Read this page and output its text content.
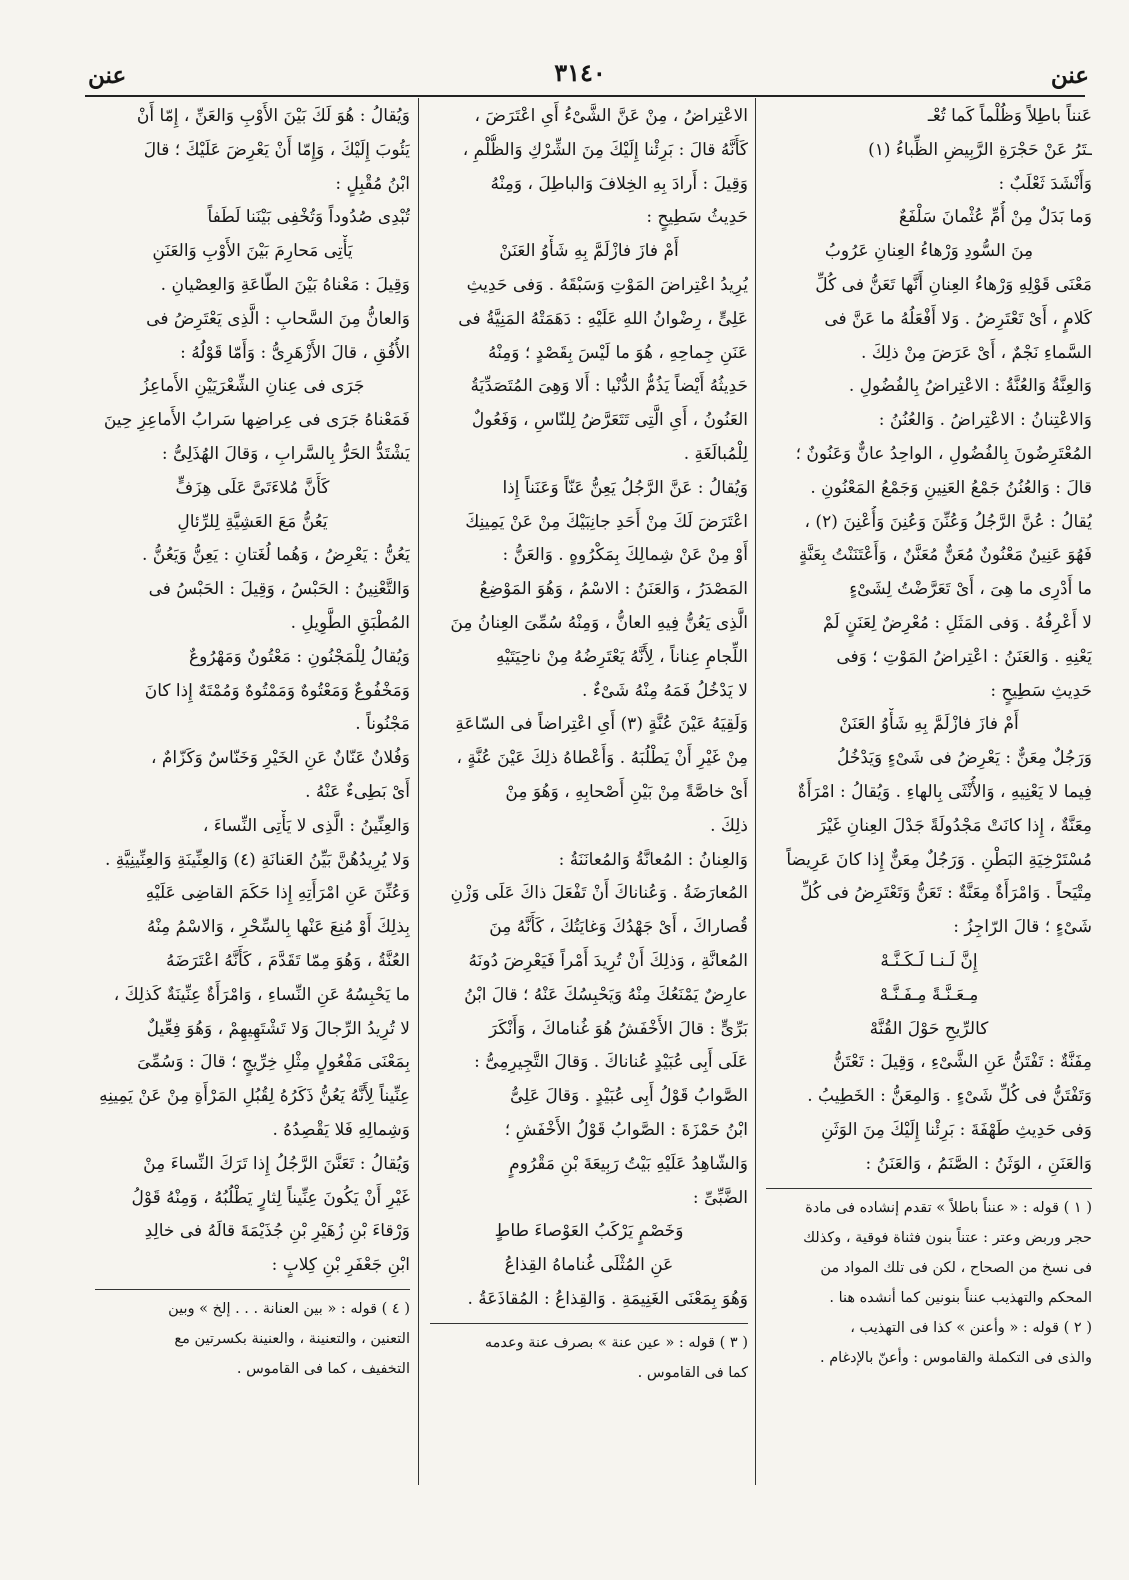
عنن
٣١٤٠
عنن
عَنناً باطِلاً وَظُلْماً كَما تُعْـ
ـتَرُ عَنْ حَجْرَةِ الرَّبِيضِ الظِّباءُ (١)
وَأَنْشَدَ ثَعْلَبٌ :
وَما بَدَلٌ مِنْ أُمِّ عُثْمانَ سَلْفَعٌ
مِنَ السُّودِ وَرْهاءُ العِنانِ عَرُوبُ
مَعْنَى قَوْلِهِ وَرْهاءُ العِنانِ أَنَّها تَعَنُّ فى كُلِّ
كَلامٍ ، أَىْ تَعْتَرِضُ . وَلا أَفْعَلُهُ ما عَنَّ فى
السَّماءِ نَجْمٌ ، أَىْ عَرَضَ مِنْ ذلِكَ .
وَالعِنَّةُ وَالعُنَّةُ : الاعْتِراضُ بِالفُضُولِ .
وَالاعْتِنانُ : الاعْتِراضُ . وَالعُنُنُ :
المُعْتَرِضُونَ بِالفُضُولِ ، الواحِدُ عانٌّ وَعَنُونٌ ؛
قالَ : وَالعُنُنُ جَمْعُ العَنِينِ وَجَمْعُ المَعْنُونِ .
يُقالُ : عُنَّ الرَّجُلُ وَعُنِّنَ وَعُنِنَ وَأُعْنِنَ (٢) ،
فَهُوَ عَنِينٌ مَعْنُونٌ مُعَنٌّ مُعَنَّنٌ ، وَأَعْتَنَنْتُ بِعَنَّةٍ
ما أَدْرِى ما هِىَ ، أَىْ تَعَرَّضْتُ لِشَىْءٍ
لا أَعْرِفُهُ . وَفى المَثَلِ : مُعْرِضٌ لِعَنَنٍ لَمْ
يَعْنِهِ . وَالعَنَنُ : اعْتِراضُ المَوْتِ ؛ وَفى
حَدِيثِ سَطِيحٍ :
أَمْ فازَ فازْلَمَّ بِهِ شَأْوُ العَنَنْ
وَرَجُلٌ مِعَنٌّ : يَعْرِضُ فى شَىْءٍ وَيَدْخُلُ
فِيما لا يَعْنِيهِ ، وَالأُنْثَى بِالهاءِ . وَيُقالُ : امْرَأَةٌ
مِعَنَّةٌ ، إِذا كانَتْ مَجْدُولَةً جَدْلَ العِنانِ غَيْرَ
مُسْتَرْخِيَةِ البَطْنِ . وَرَجُلٌ مِعَنٌّ إِذا كانَ عَرِيضاً
مِتْيَحاً . وَامْرَأَةٌ مِعَنَّةٌ : تَعَنُّ وَتَعْتَرِضُ فى كُلِّ
شَىْءٍ ؛ قالَ الرّاجِزُ :
إِنَّ لَـنـا لَـكَـنَّـهْ
مِـعَـنَّـةً مِـفَـنَّـهْ
كالرِّيحِ حَوْلَ القُنَّهْ
مِفَنَّةٌ : تَفْتَنُّ عَنِ الشَّىْءِ ، وَقِيلَ : تَعْتَنُّ
وَتَفْتَنُّ فى كُلِّ شَىْءٍ . وَالمِعَنُّ : الخَطِيبُ .
وَفى حَدِيثِ طَهْفَةَ : بَرِئْنا إِلَيْكَ مِنَ الوَثَنِ
وَالعَنَنِ ، الوَثَنُ : الصَّنَمُ ، وَالعَنَنُ :
( ١ ) قوله : « عنناً باطلاً » تقدم إنشاده فى مادة
حجر وربض وعتر : عتناً بنون فثناة فوقية ، وكذلك
فى نسخ من الصحاح ، لكن فى تلك المواد من
المحكم والتهذيب عنناً بنونين كما أنشده هنا .
( ٢ ) قوله : « وأعنن » كذا فى التهذيب ،
والذى فى التكملة والقاموس : وأعنّ بالإدغام .
الاعْتِراضُ ، مِنْ عَنَّ الشَّىْءُ أَىِ اعْتَرَضَ ،
كَأَنَّهُ قالَ : بَرِئْنا إِلَيْكَ مِنَ الشِّرْكِ وَالظُّلْمِ ،
وَقِيلَ : أَرادَ بِهِ الخِلافَ وَالباطِلَ ، وَمِنْهُ
حَدِيثُ سَطِيحٍ :
أَمْ فازَ فازْلَمَّ بِهِ شَأْوُ العَنَنْ
يُرِيدُ اعْتِراضَ المَوْتِ وَسَبْقَهُ . وَفى حَدِيثِ
عَلِىٍّ ، رِضْوانُ اللهِ عَلَيْهِ : دَهَمَتْهُ المَنِيَّةُ فى
عَنَنِ جِماحِهِ ، هُوَ ما لَيْسَ بِقَصْدٍ ؛ وَمِنْهُ
حَدِيثُهُ أَيْضاً يَذُمُّ الدُّنْيا : أَلا وَهِىَ المُتَصَدِّيَةُ
العَنُونُ ، أَىِ الَّتِى تَتَعَرَّضُ لِلنّاسِ ، وَفَعُولٌ
لِلْمُبالَغَةِ .
وَيُقالُ : عَنَّ الرَّجُلُ يَعِنُّ عَنّاً وَعَنَناً إِذا
اعْتَرَضَ لَكَ مِنْ أَحَدِ جانِبَيْكَ مِنْ عَنْ يَمِينِكَ
أَوْ مِنْ عَنْ شِمالِكَ بِمَكْرُوهٍ . وَالعَنُّ :
المَصْدَرُ ، وَالعَنَنُ : الاسْمُ ، وَهُوَ المَوْضِعُ
الَّذِى يَعُنُّ فِيهِ العانُّ ، وَمِنْهُ سُمِّىَ العِنانُ مِنَ
اللِّجامِ عِناناً ، لِأَنَّهُ يَعْتَرِضُهُ مِنْ ناحِيَتَيْهِ
لا يَدْخُلُ فَمَهُ مِنْهُ شَىْءٌ .
وَلَقِيَهُ عَيْنَ عُنَّةٍ (٣) أَىِ اعْتِراضاً فى السّاعَةِ
مِنْ غَيْرِ أَنْ يَطْلُبَهُ . وَأَعْطاهُ ذلِكَ عَيْنَ عُنَّةٍ ،
أَىْ خاصَّةً مِنْ بَيْنِ أَصْحابِهِ ، وَهُوَ مِنْ
ذلِكَ .
وَالعِنانُ : المُعانَّةُ وَالمُعانَنَةُ :
المُعارَضَةُ . وَعُناناكَ أَنْ تَفْعَلَ ذاكَ عَلَى وَزْنِ
قُصاراكَ ، أَىْ جَهْدُكَ وَغايَتُكَ ، كَأَنَّهُ مِنَ
المُعانَّةِ ، وَذلِكَ أَنْ تُرِيدَ أَمْراً فَيَعْرِضَ دُونَهُ
عارِضٌ يَمْنَعُكَ مِنْهُ وَيَحْبِسُكَ عَنْهُ ؛ قالَ ابْنُ
بَرِّىٍّ : قالَ الأَخْفَشُ هُوَ غُناماكَ ، وَأَنْكَرَ
عَلَى أَبِى عُبَيْدٍ عُناناكَ . وَقالَ التَّجِيرِمِىُّ :
الصَّوابُ قَوْلُ أَبِى عُبَيْدٍ . وَقالَ عَلِىُّ
ابْنُ حَمْزَةَ : الصَّوابُ قَوْلُ الأَخْفَشِ ؛
وَالشّاهِدُ عَلَيْهِ بَيْتُ رَبِيعَةَ بْنِ مَقْرُومٍ
الضَّبِّىِّ :
وَخَصْمٍ يَرْكَبُ العَوْصاءَ طاطٍ
عَنِ المُثْلَى غُناماهُ القِذاعُ
وَهُوَ بِمَعْنَى الغَنِيمَةِ . وَالقِذاعُ : المُقاذَعَةُ .
( ٣ ) قوله : « عين عنة » بصرف عنة وعدمه
كما فى القاموس .
وَيُقالُ : هُوَ لَكَ بَيْنَ الأَوْبِ وَالعَنِّ ، إِمّا أَنْ
يَئُوبَ إِلَيْكَ ، وَإِمّا أَنْ يَعْرِضَ عَلَيْكَ ؛ قالَ
ابْنُ مُقْبِلٍ :
تُبْدِى صُدُوداً وَتُخْفِى بَيْنَنا لَطَفاً
يَأْتِى مَحارِمَ بَيْنَ الأَوْبِ وَالعَنَنِ
وَقِيلَ : مَعْناهُ بَيْنَ الطّاعَةِ وَالعِصْيانِ .
وَالعانُّ مِنَ السَّحابِ : الَّذِى يَعْتَرِضُ فى
الأُفُقِ ، قالَ الأَزْهَرِىُّ : وَأَمّا قَوْلُهُ :
جَرَى فى عِنانِ الشِّعْرَيَيْنِ الأَماعِزُ
فَمَعْناهُ جَرَى فى عِراضِها سَرابُ الأَماعِزِ حِينَ
يَشْتَدُّ الحَرُّ بِالسَّرابِ ، وَقالَ الهُذَلِىُّ :
كَأَنَّ مُلاءَتَىَّ عَلَى هِزَفٍّ
يَعُنُّ مَعَ العَشِيَّةِ لِلرِّئالِ
يَعُنُّ : يَعْرِضُ ، وَهُما لُغَتانِ : يَعِنُّ وَيَعُنُّ .
وَالتَّعْنِينُ : الحَبْسُ ، وَقِيلَ : الحَبْسُ فى
المُطْبَقِ الطَّوِيلِ .
وَيُقالُ لِلْمَجْنُونِ : مَعْتُونٌ وَمَهْرُوعٌ
وَمَخْفُوعٌ وَمَعْتُوهٌ وَمَمْتُوهٌ وَمُمْتَهٌ إِذا كانَ
مَجْنُوناً .
وَفُلانٌ عَنّانٌ عَنِ الخَيْرِ وَخَنّاسٌ وَكَزّامٌ ،
أَىْ بَطِىءٌ عَنْهُ .
وَالعِنِّينُ : الَّذِى لا يَأْتِى النِّساءَ ،
وَلا يُرِيدُهُنَّ بَيِّنُ العَنانَةِ (٤) وَالعِنِّينَةِ وَالعِنِّينِيَّةِ .
وَعُنِّنَ عَنِ امْرَأَتِهِ إِذا حَكَمَ القاضِى عَلَيْهِ
بِذلِكَ أَوْ مُنِعَ عَنْها بِالسِّحْرِ ، وَالاسْمُ مِنْهُ
العُنَّةُ ، وَهُوَ مِمّا تَقَدَّمَ ، كَأَنَّهُ اعْتَرَضَهُ
ما يَحْبِسُهُ عَنِ النِّساءِ ، وَامْرَأَةٌ عِنِّينَةٌ كَذلِكَ ،
لا تُرِيدُ الرِّجالَ وَلا تَشْتَهِيهِمْ ، وَهُوَ فِعِّيلٌ
بِمَعْنَى مَفْعُولٍ مِثْلِ خِرِّيجٍ ؛ قالَ : وَسُمِّىَ
عِنِّيناً لِأَنَّهُ يَعُنُّ ذَكَرُهُ لِقُبُلِ المَرْأَةِ مِنْ عَنْ يَمِينِهِ
وَشِمالِهِ فَلا يَقْصِدُهُ .
وَيُقالُ : تَعَنَّنَ الرَّجُلُ إِذا تَرَكَ النِّساءَ مِنْ
غَيْرِ أَنْ يَكُونَ عِنِّيناً لِثارٍ يَطْلُبُهُ ، وَمِنْهُ قَوْلُ
وَرْقاءَ بْنِ زُهَيْرِ بْنِ جُذَيْمَةَ قالَهُ فى خالِدِ
ابْنِ جَعْفَرِ بْنِ كِلابٍ :
( ٤ ) قوله : « بين العنانة . . . إلخ » وبين
التعنين ، والتعنينة ، والعنينة بكسرتين مع
التخفيف ، كما فى القاموس .
